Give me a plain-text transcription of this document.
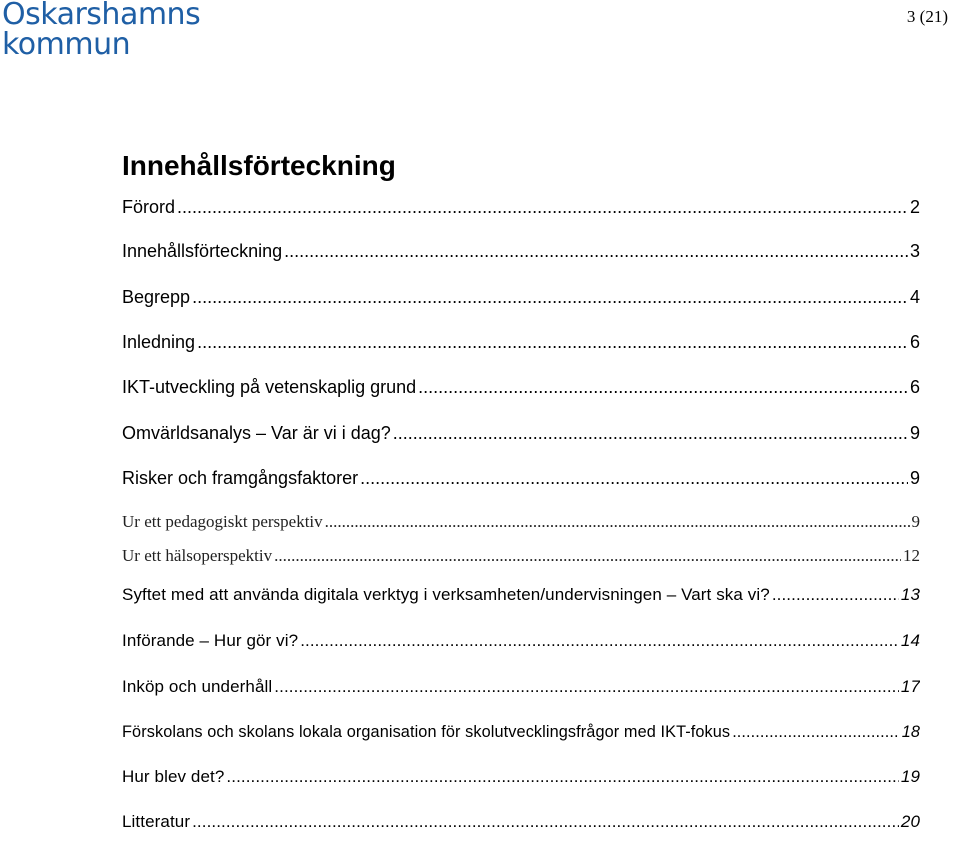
Oskarshamns
kommun
3 (21)
Innehållsförteckning
Förord .....	2
Innehållsförteckning .....	3
Begrepp .....	4
Inledning .....	6
IKT-utveckling på vetenskaplig grund .....	6
Omvärldsanalys – Var är vi i dag? .....	9
Risker och framgångsfaktorer .....	9
Ur ett pedagogiskt perspektiv .....	9
Ur ett hälsoperspektiv .....	12
Syftet med att använda digitala verktyg i verksamheten/undervisningen – Vart ska vi? .....	13
Införande – Hur gör vi? .....	14
Inköp och underhåll .....	17
Förskolans och skolans lokala organisation för skolutvecklingsfrågor med IKT-fokus .....	18
Hur blev det? .....	19
Litteratur .....	20
